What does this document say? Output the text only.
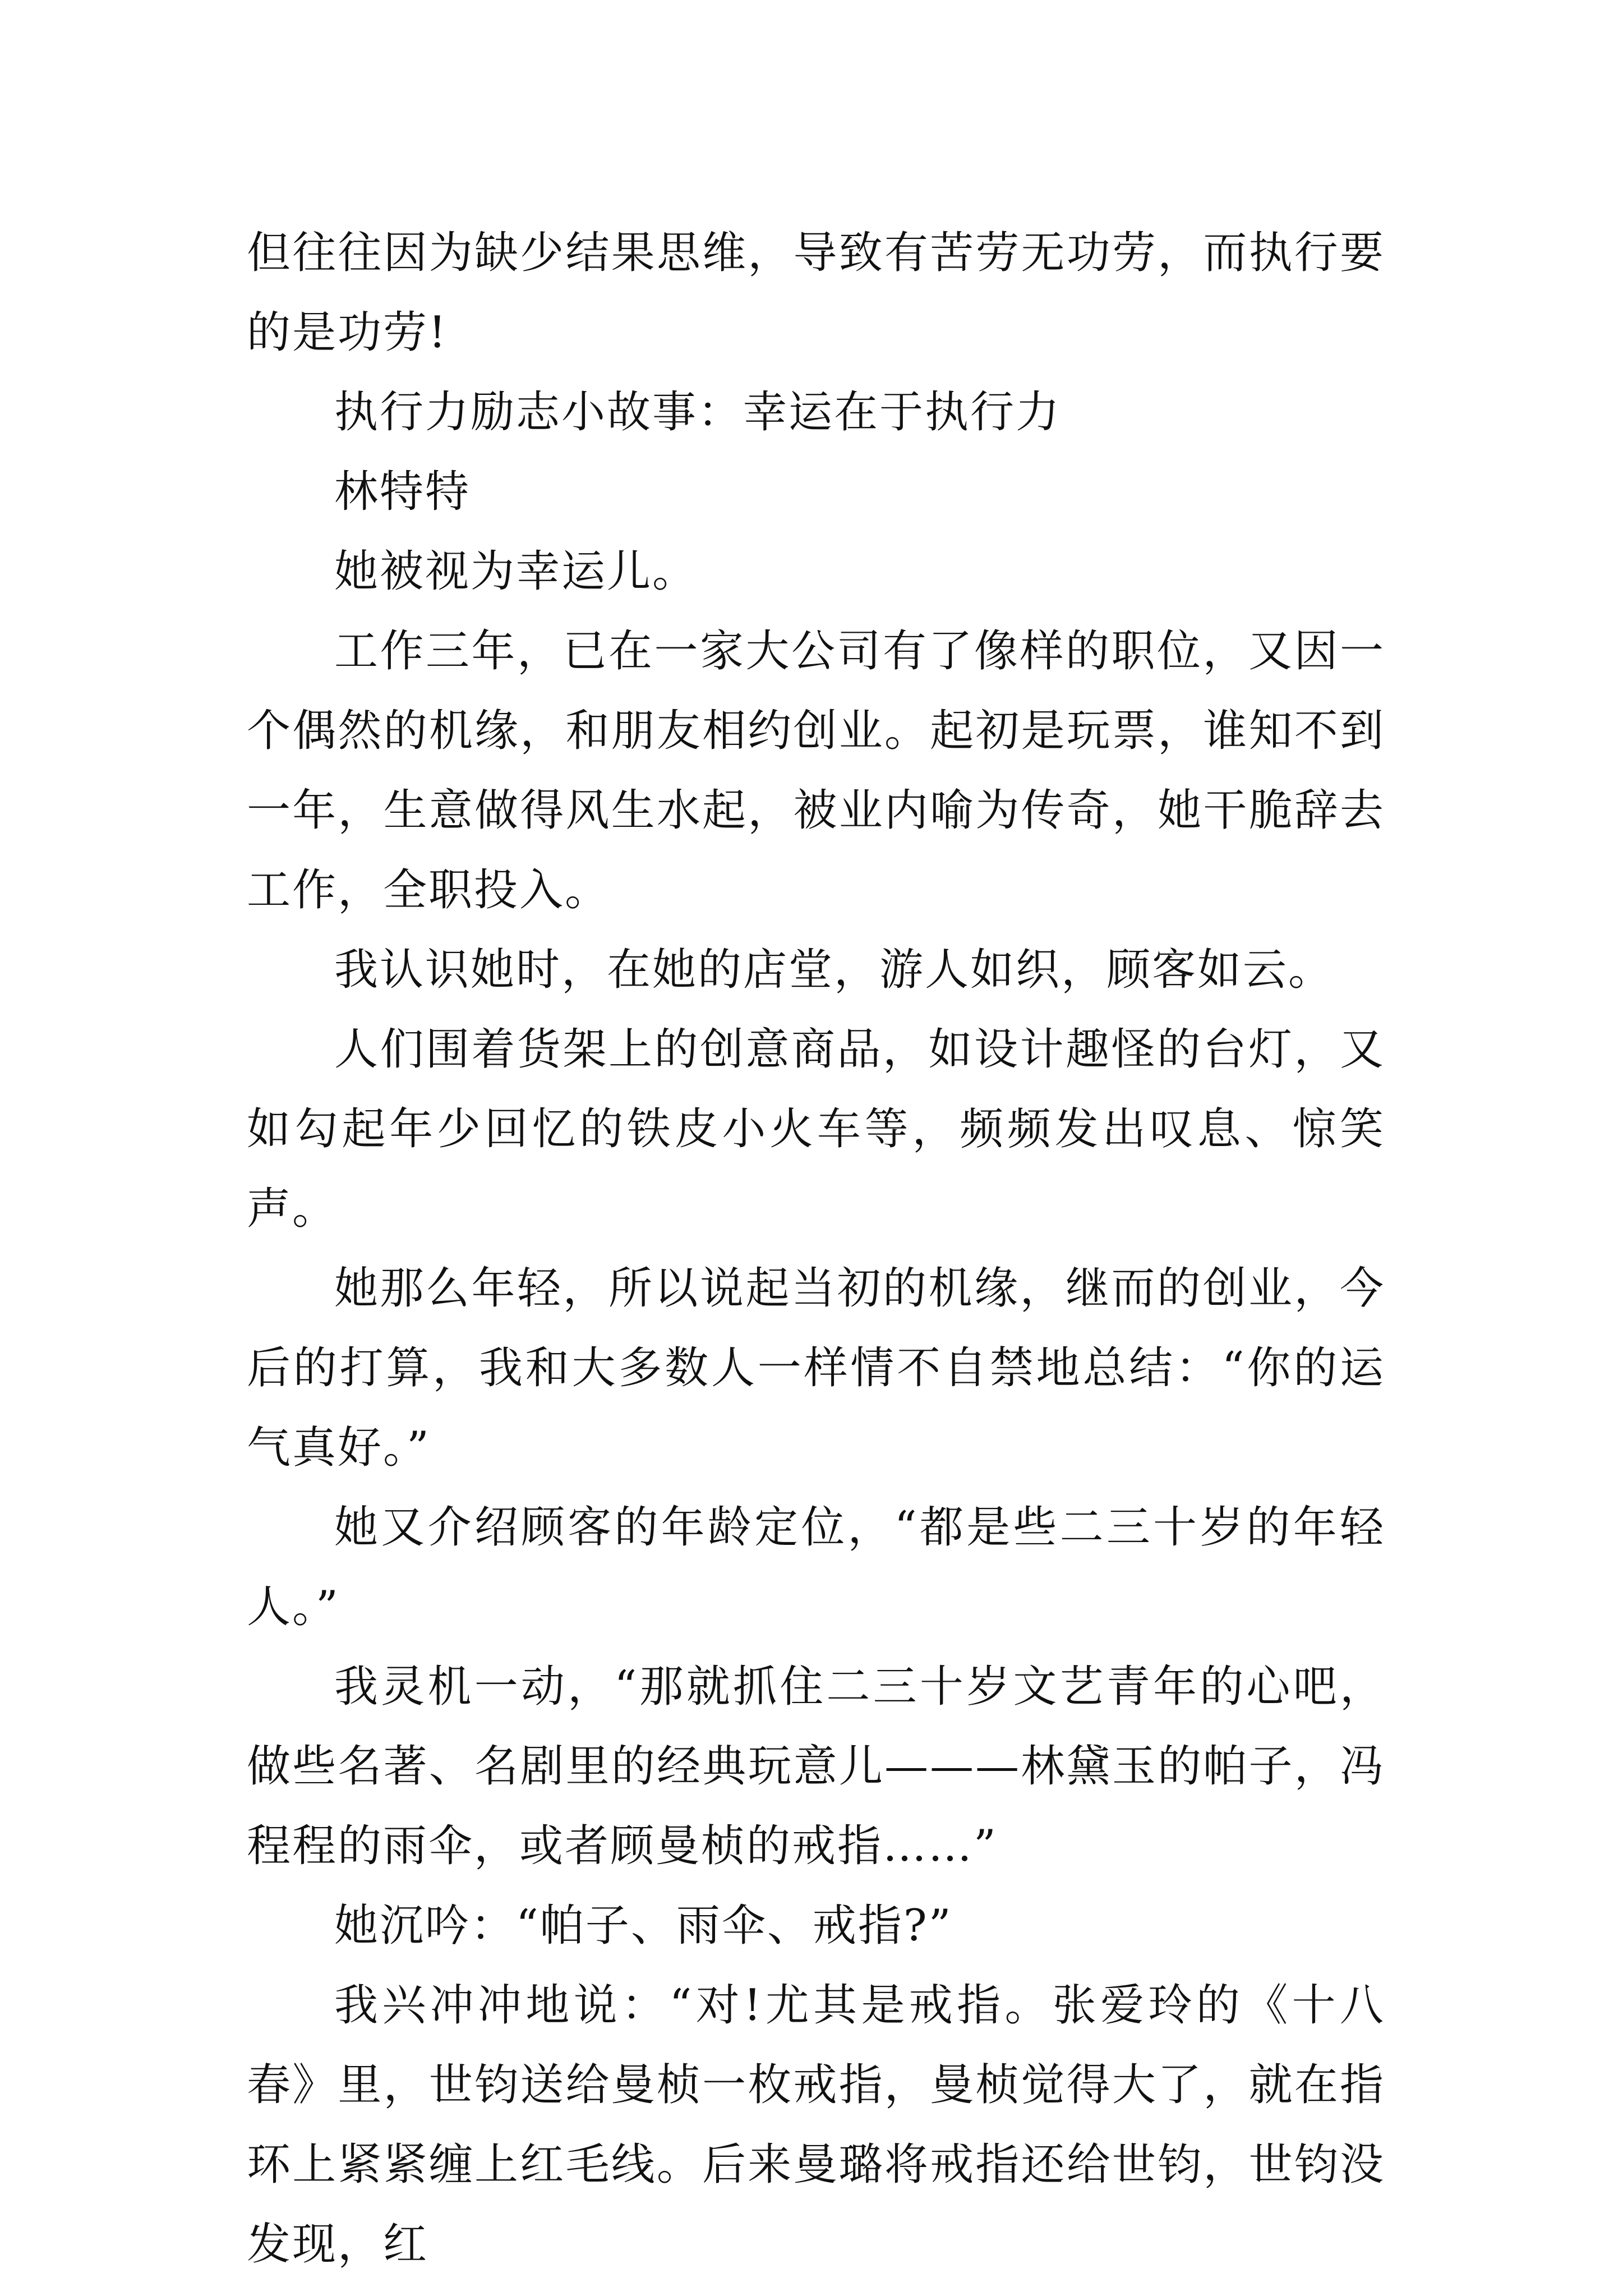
但往往因为缺少结果思维，导致有苦劳无功劳，而执行要的是功劳!

执行力励志小故事：幸运在于执行力

林特特

她被视为幸运儿。

工作三年，已在一家大公司有了像样的职位，又因一个偶然的机缘，和朋友相约创业。起初是玩票，谁知不到一年，生意做得风生水起，被业内喻为传奇，她干脆辞去工作，全职投入。

我认识她时，在她的店堂，游人如织，顾客如云。

人们围着货架上的创意商品，如设计趣怪的台灯，又如勾起年少回忆的铁皮小火车等，频频发出叹息、惊笑声。

她那么年轻，所以说起当初的机缘，继而的创业，今后的打算，我和大多数人一样情不自禁地总结：“你的运气真好。”

她又介绍顾客的年龄定位，“都是些二三十岁的年轻人。”

我灵机一动，“那就抓住二三十岁文艺青年的心吧，做些名著、名剧里的经典玩意儿———林黛玉的帕子，冯程程的雨伞，或者顾曼桢的戒指……”

她沉吟：“帕子、雨伞、戒指?”

我兴冲冲地说：“对!尤其是戒指。张爱玲的《十八春》里，世钧送给曼桢一枚戒指，曼桢觉得大了，就在指环上紧紧缠上红毛线。后来曼璐将戒指还给世钧，世钧没发现，红
